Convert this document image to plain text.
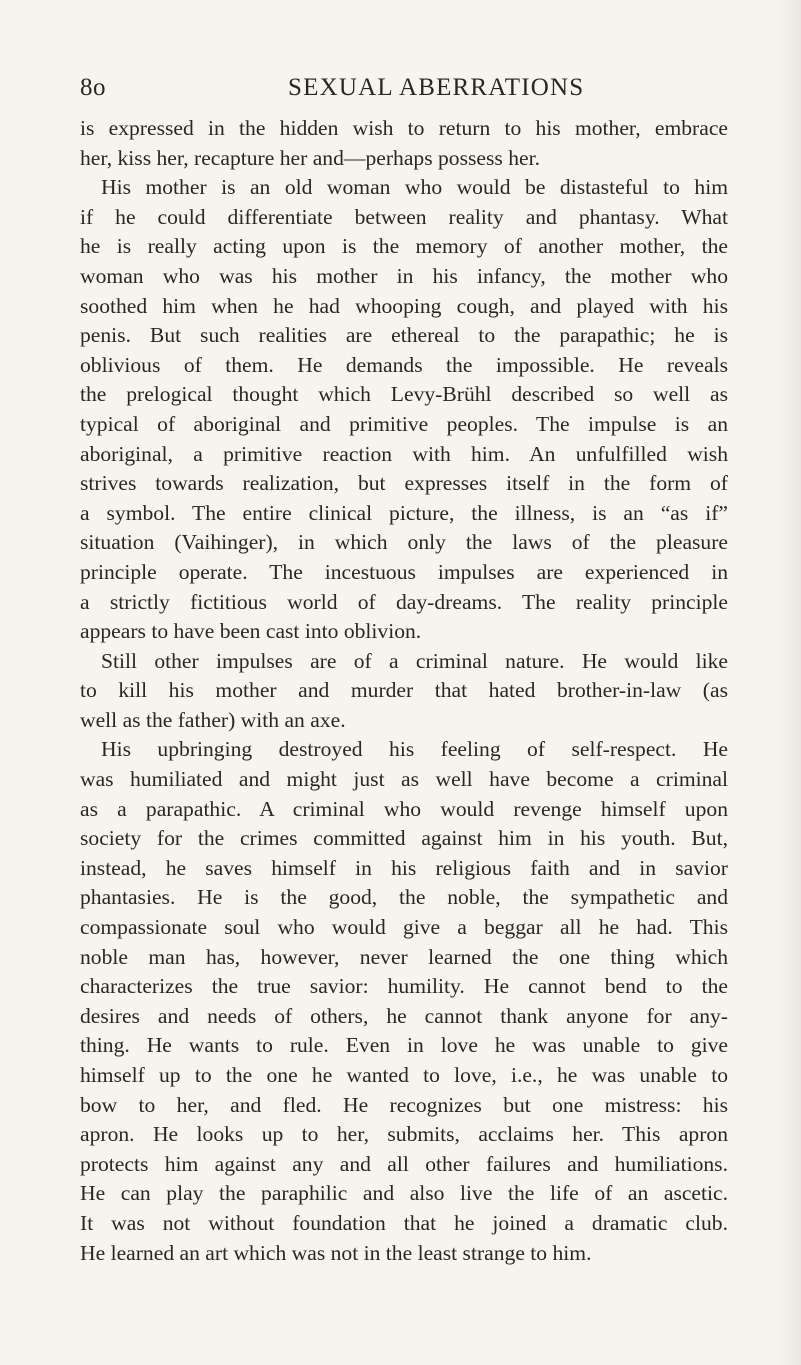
8o	SEXUAL ABERRATIONS
is expressed in the hidden wish to return to his mother, embrace
her, kiss her, recapture her and—perhaps possess her.
His mother is an old woman who would be distasteful to him
if he could differentiate between reality and phantasy. What
he is really acting upon is the memory of another mother, the
woman who was his mother in his infancy, the mother who
soothed him when he had whooping cough, and played with his
penis. But such realities are ethereal to the parapathic; he is
oblivious of them. He demands the impossible. He reveals
the prelogical thought which Levy-Brühl described so well as
typical of aboriginal and primitive peoples. The impulse is an
aboriginal, a primitive reaction with him. An unfulfilled wish
strives towards realization, but expresses itself in the form of
a symbol. The entire clinical picture, the illness, is an “as if”
situation (Vaihinger), in which only the laws of the pleasure
principle operate. The incestuous impulses are experienced in
a strictly fictitious world of day-dreams. The reality principle
appears to have been cast into oblivion.
Still other impulses are of a criminal nature. He would like
to kill his mother and murder that hated brother-in-law (as
well as the father) with an axe.
His upbringing destroyed his feeling of self-respect. He
was humiliated and might just as well have become a criminal
as a parapathic. A criminal who would revenge himself upon
society for the crimes committed against him in his youth. But,
instead, he saves himself in his religious faith and in savior
phantasies. He is the good, the noble, the sympathetic and
compassionate soul who would give a beggar all he had. This
noble man has, however, never learned the one thing which
characterizes the true savior: humility. He cannot bend to the
desires and needs of others, he cannot thank anyone for any-
thing. He wants to rule. Even in love he was unable to give
himself up to the one he wanted to love, i.e., he was unable to
bow to her, and fled. He recognizes but one mistress: his
apron. He looks up to her, submits, acclaims her. This apron
protects him against any and all other failures and humiliations.
He can play the paraphilic and also live the life of an ascetic.
It was not without foundation that he joined a dramatic club.
He learned an art which was not in the least strange to him.
